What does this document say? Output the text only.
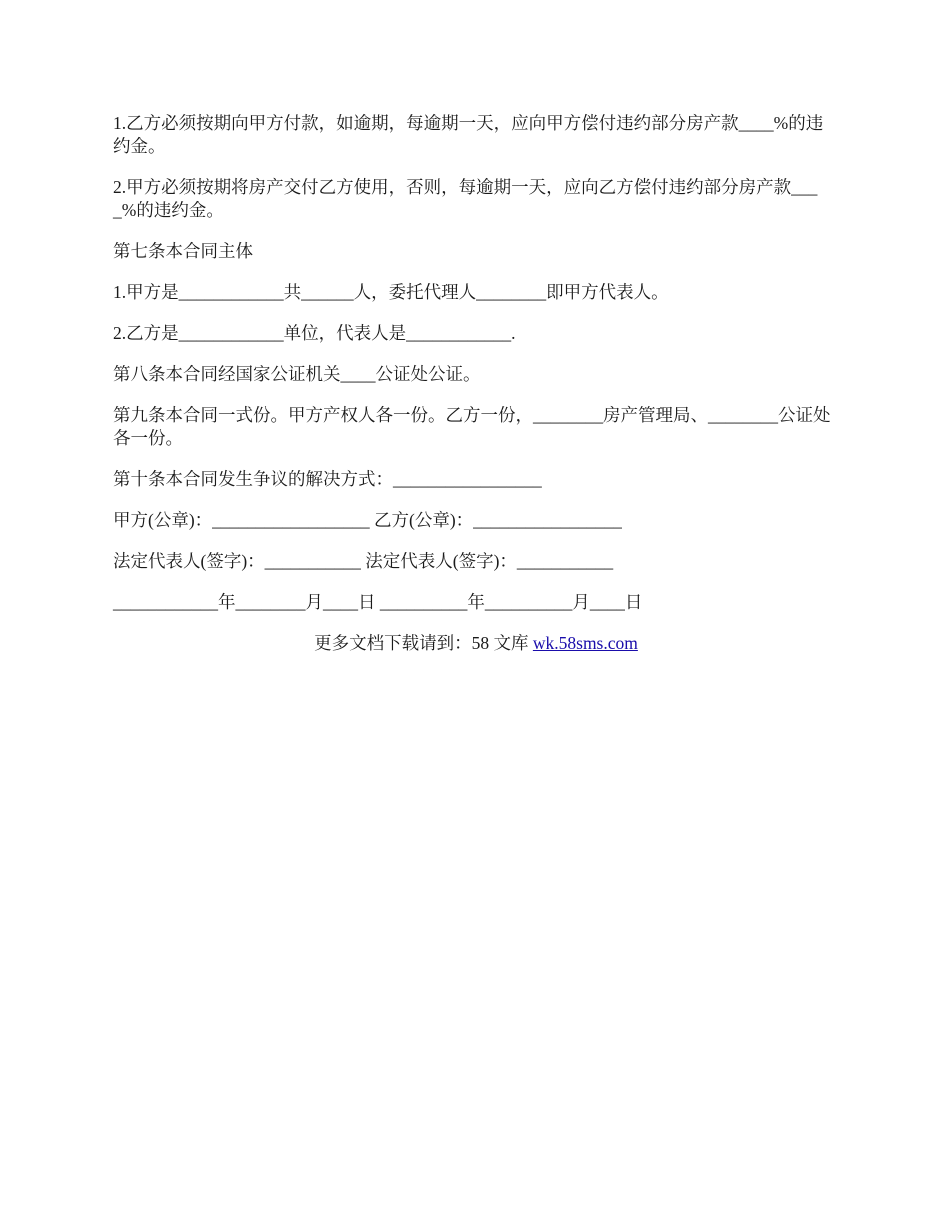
1.乙方必须按期向甲方付款，如逾期，每逾期一天，应向甲方偿付违约部分房产款____%的违约金。

2.甲方必须按期将房产交付乙方使用，否则，每逾期一天，应向乙方偿付违约部分房产款____%的违约金。

第七条本合同主体

1.甲方是____________共______人，委托代理人________即甲方代表人。

2.乙方是____________单位，代表人是____________.

第八条本合同经国家公证机关____公证处公证。

第九条本合同一式份。甲方产权人各一份。乙方一份，________房产管理局、________公证处各一份。

第十条本合同发生争议的解决方式：_________________

甲方(公章)：__________________ 乙方(公章)：_________________

法定代表人(签字)：___________ 法定代表人(签字)：___________

____________年________月____日 __________年__________月____日

更多文档下载请到：58 文库 wk.58sms.com
